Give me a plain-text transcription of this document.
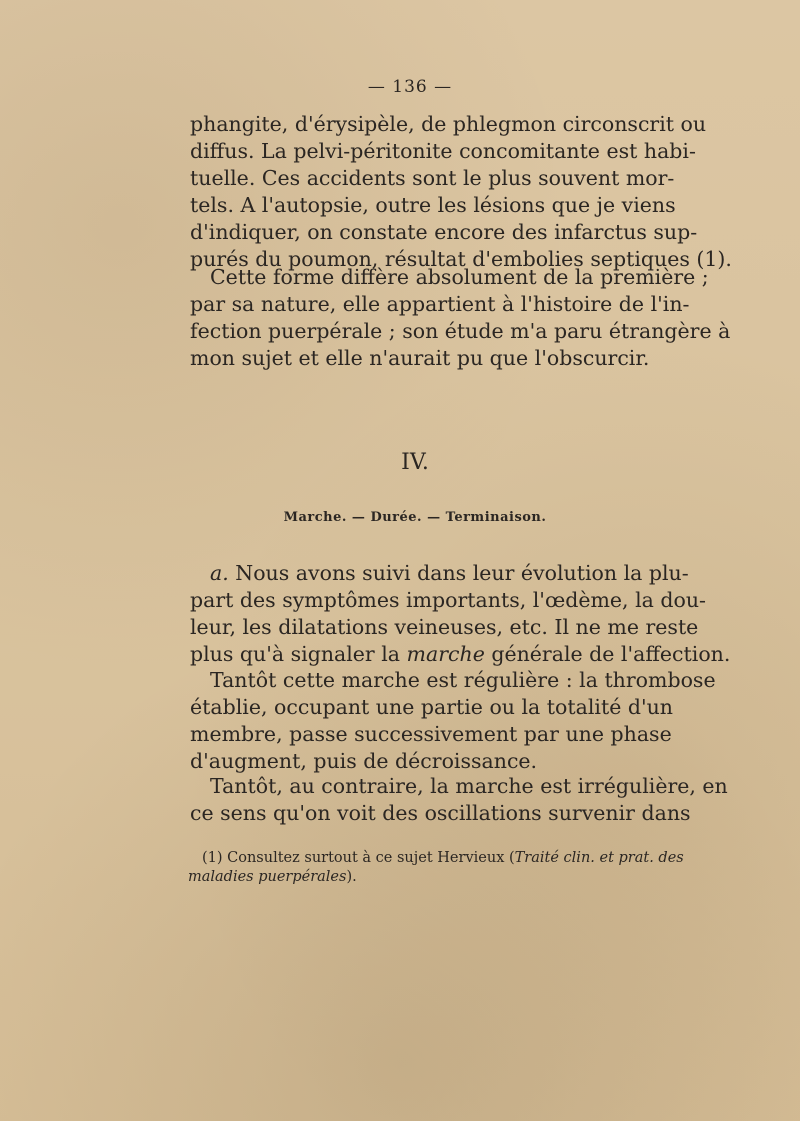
— 136 —
phangite, d'érysipèle, de phlegmon circonscrit ou
diffus. La pelvi-péritonite concomitante est habi-
tuelle. Ces accidents sont le plus souvent mor-
tels. A l'autopsie, outre les lésions que je viens
d'indiquer, on constate encore des infarctus sup-
purés du poumon, résultat d'embolies septiques (1).
Cette forme diffère absolument de la première ;
par sa nature, elle appartient à l'histoire de l'in-
fection puerpérale ; son étude m'a paru étrangère à
mon sujet et elle n'aurait pu que l'obscurcir.
IV.
Marche. — Durée. — Terminaison.
a. Nous avons suivi dans leur évolution la plu-
part des symptômes importants, l'œdème, la dou-
leur, les dilatations veineuses, etc. Il ne me reste
plus qu'à signaler la marche générale de l'affection.
Tantôt cette marche est régulière : la thrombose
établie, occupant une partie ou la totalité d'un
membre, passe successivement par une phase
d'augment, puis de décroissance.
Tantôt, au contraire, la marche est irrégulière, en
ce sens qu'on voit des oscillations survenir dans
(1) Consultez surtout à ce sujet Hervieux (Traité clin. et prat. des
maladies puerpérales).
